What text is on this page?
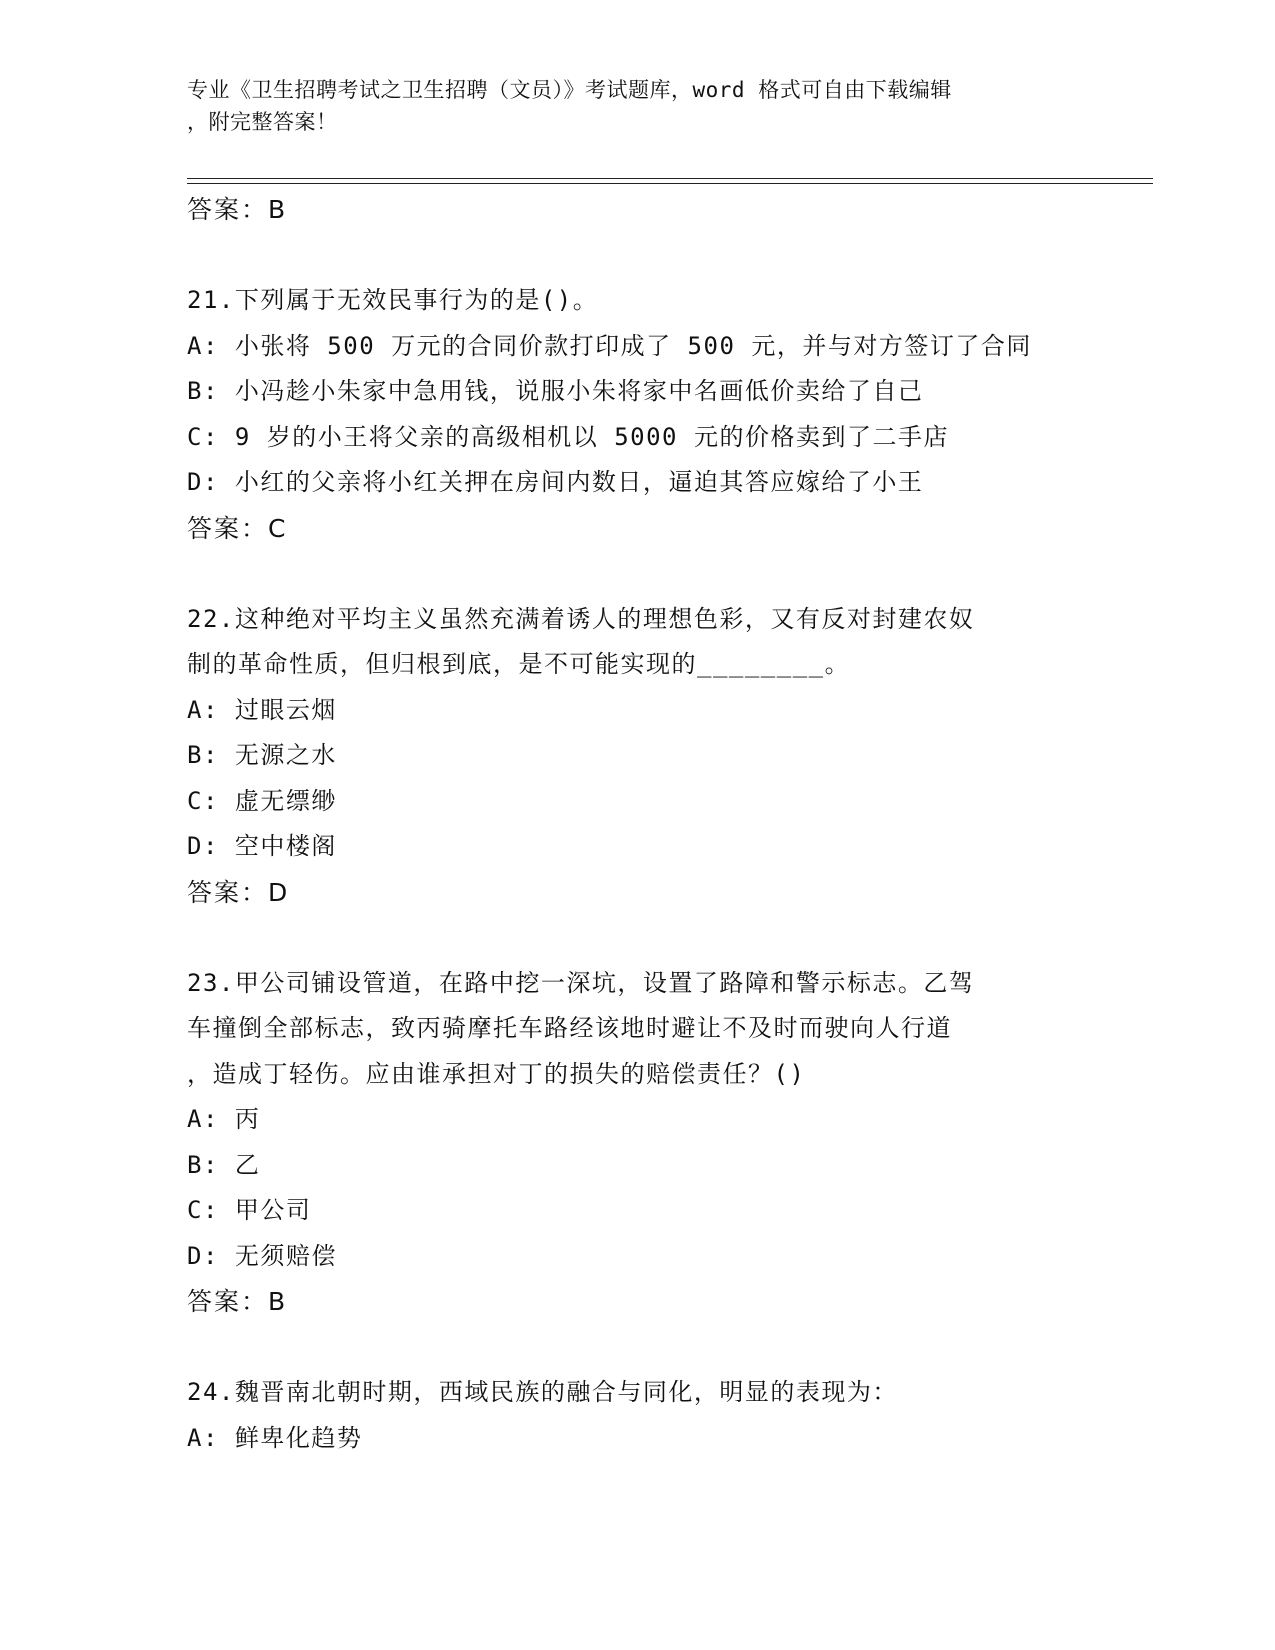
专业《卫生招聘考试之卫生招聘（文员）》考试题库，word 格式可自由下载编辑
，附完整答案！
答案：B
21.下列属于无效民事行为的是()。
A: 小张将 500 万元的合同价款打印成了 500 元，并与对方签订了合同
B: 小冯趁小朱家中急用钱，说服小朱将家中名画低价卖给了自己
C: 9 岁的小王将父亲的高级相机以 5000 元的价格卖到了二手店
D: 小红的父亲将小红关押在房间内数日，逼迫其答应嫁给了小王
答案：C
22.这种绝对平均主义虽然充满着诱人的理想色彩，又有反对封建农奴
制的革命性质，但归根到底，是不可能实现的________。
A: 过眼云烟
B: 无源之水
C: 虚无缥缈
D: 空中楼阁
答案：D
23.甲公司铺设管道，在路中挖一深坑，设置了路障和警示标志。乙驾
车撞倒全部标志，致丙骑摩托车路经该地时避让不及时而驶向人行道
，造成丁轻伤。应由谁承担对丁的损失的赔偿责任？()
A: 丙
B: 乙
C: 甲公司
D: 无须赔偿
答案：B
24.魏晋南北朝时期，西域民族的融合与同化，明显的表现为：
A: 鲜卑化趋势
